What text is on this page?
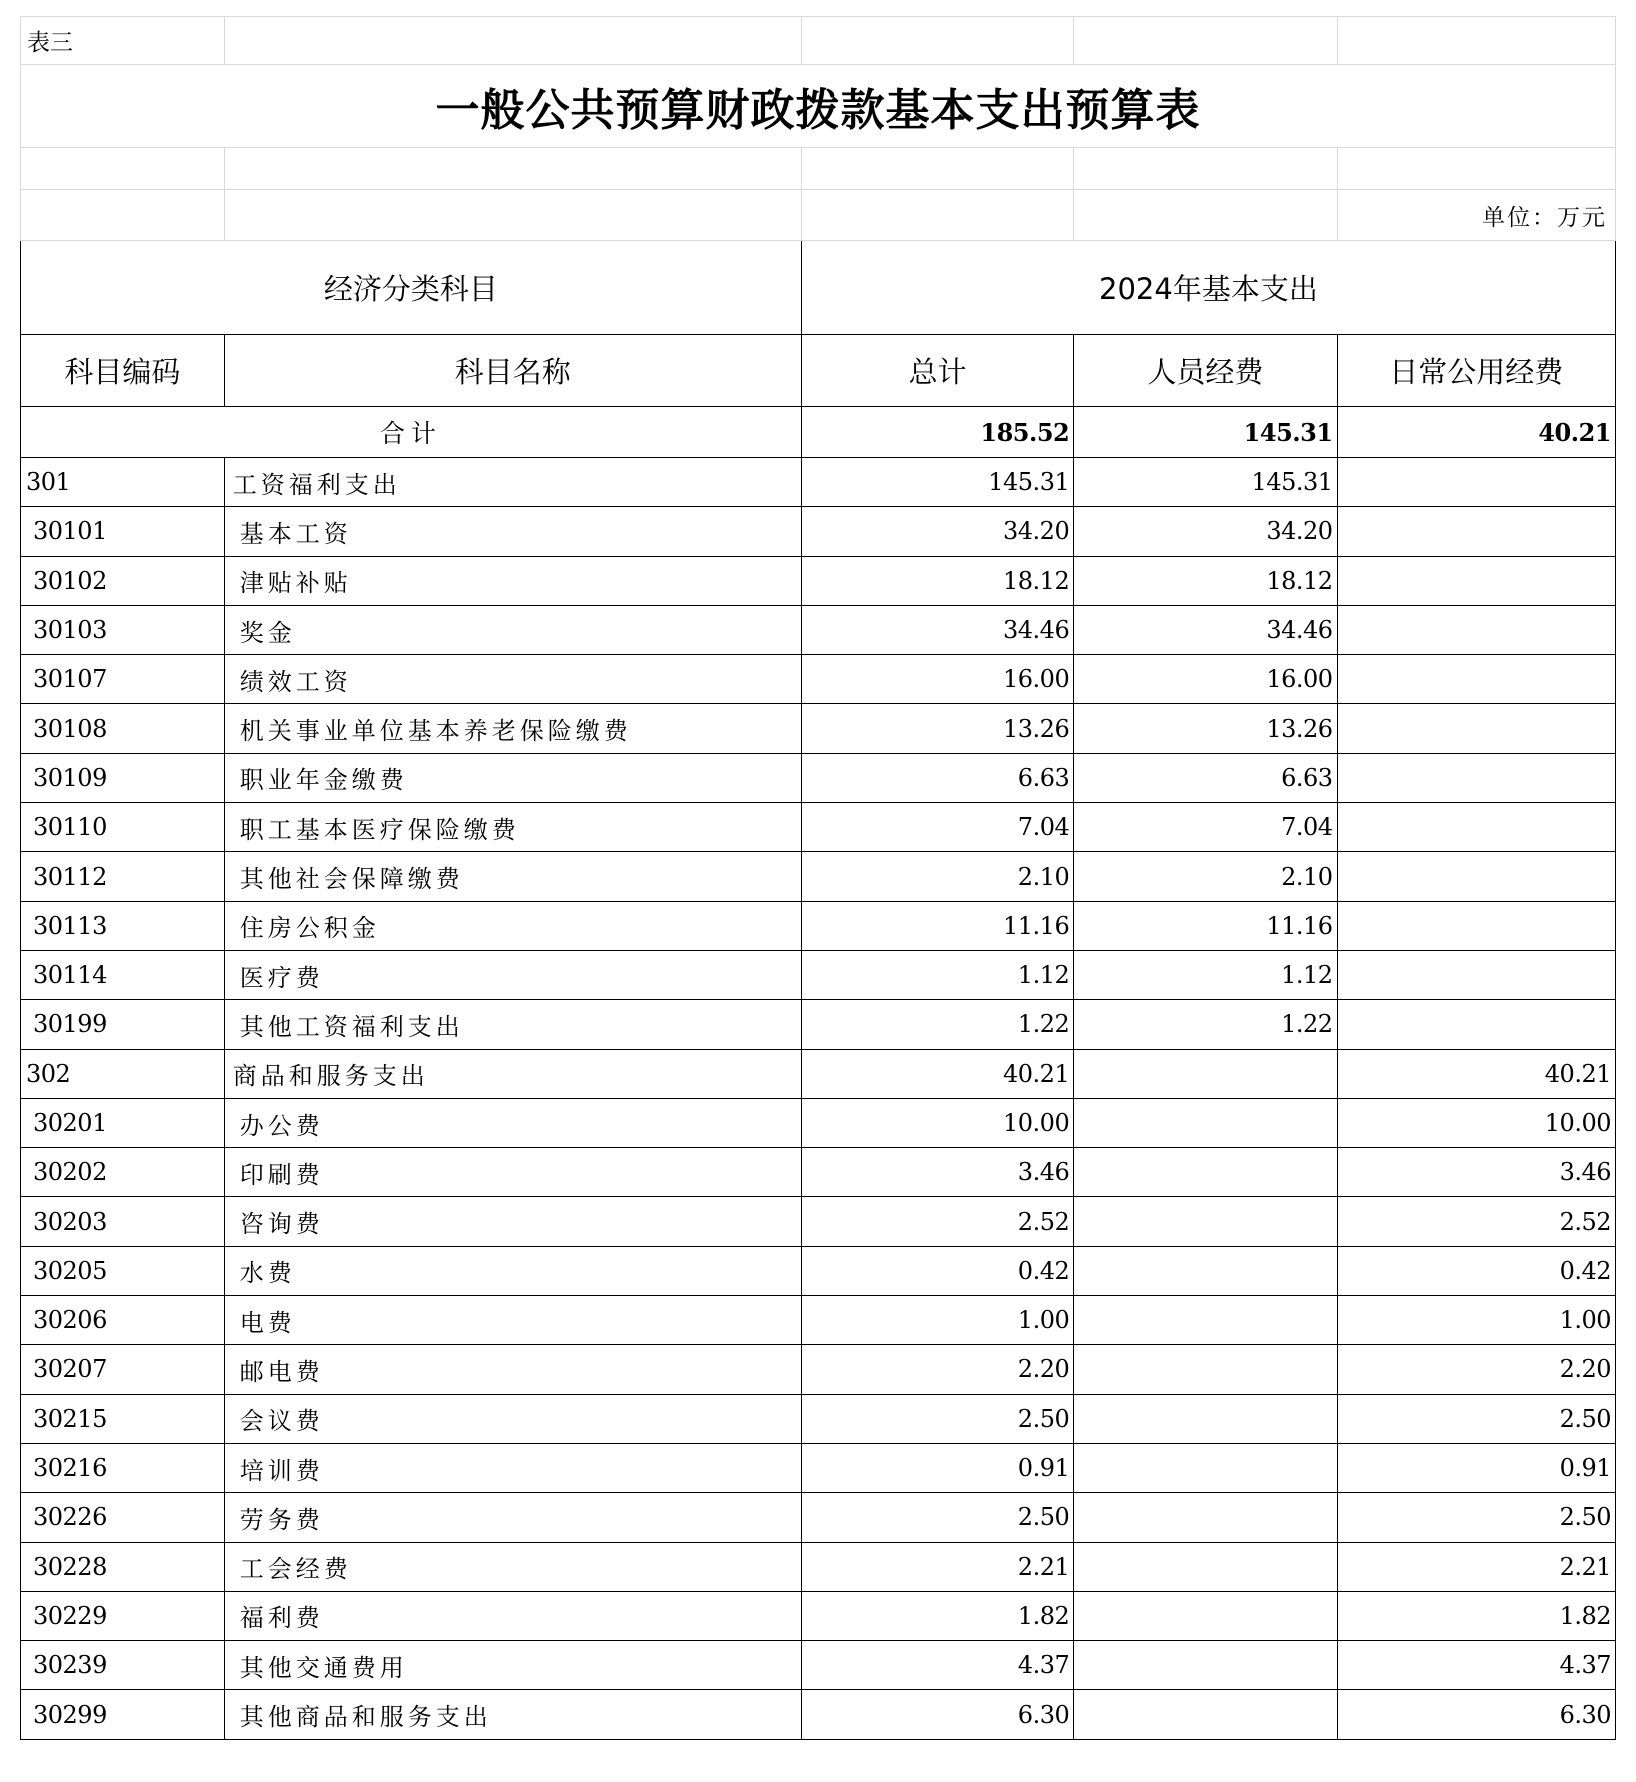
表三				
一般公共预算财政拨款基本支出预算表				

				单位：万元
经济分类科目		2024年基本支出		
科目编码	科目名称	总计	人员经费	日常公用经费
合计		185.52	145.31	40.21
301	工资福利支出	145.31	145.31	
30101	基本工资	34.20	34.20	
30102	津贴补贴	18.12	18.12	
30103	奖金	34.46	34.46	
30107	绩效工资	16.00	16.00	
30108	机关事业单位基本养老保险缴费	13.26	13.26	
30109	职业年金缴费	6.63	6.63	
30110	职工基本医疗保险缴费	7.04	7.04	
30112	其他社会保障缴费	2.10	2.10	
30113	住房公积金	11.16	11.16	
30114	医疗费	1.12	1.12	
30199	其他工资福利支出	1.22	1.22	
302	商品和服务支出	40.21		40.21
30201	办公费	10.00		10.00
30202	印刷费	3.46		3.46
30203	咨询费	2.52		2.52
30205	水费	0.42		0.42
30206	电费	1.00		1.00
30207	邮电费	2.20		2.20
30215	会议费	2.50		2.50
30216	培训费	0.91		0.91
30226	劳务费	2.50		2.50
30228	工会经费	2.21		2.21
30229	福利费	1.82		1.82
30239	其他交通费用	4.37		4.37
30299	其他商品和服务支出	6.30		6.30
